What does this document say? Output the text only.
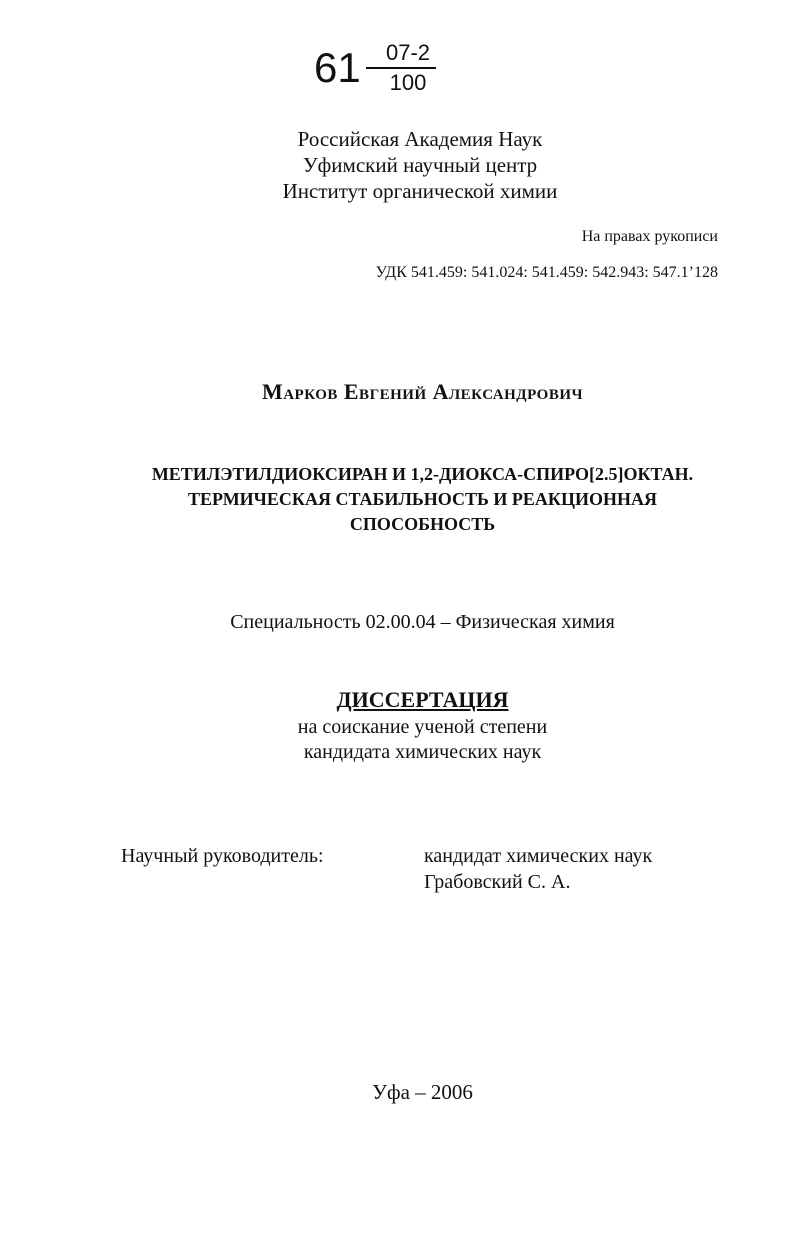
61	07-2
100
Российская Академия Наук
Уфимский научный центр
Институт органической химии
На правах рукописи
УДК 541.459: 541.024: 541.459: 542.943: 547.1’128
Марков Евгений Александрович
МЕТИЛЭТИЛДИОКСИРАН И 1,2-ДИОКСА-СПИРО[2.5]ОКТАН.
ТЕРМИЧЕСКАЯ СТАБИЛЬНОСТЬ И РЕАКЦИОННАЯ
СПОСОБНОСТЬ
Специальность 02.00.04 – Физическая химия
ДИССЕРТАЦИЯ
на соискание ученой степени
кандидата химических наук
Научный руководитель:	кандидат химических наук
Грабовский С. А.
Уфа – 2006
